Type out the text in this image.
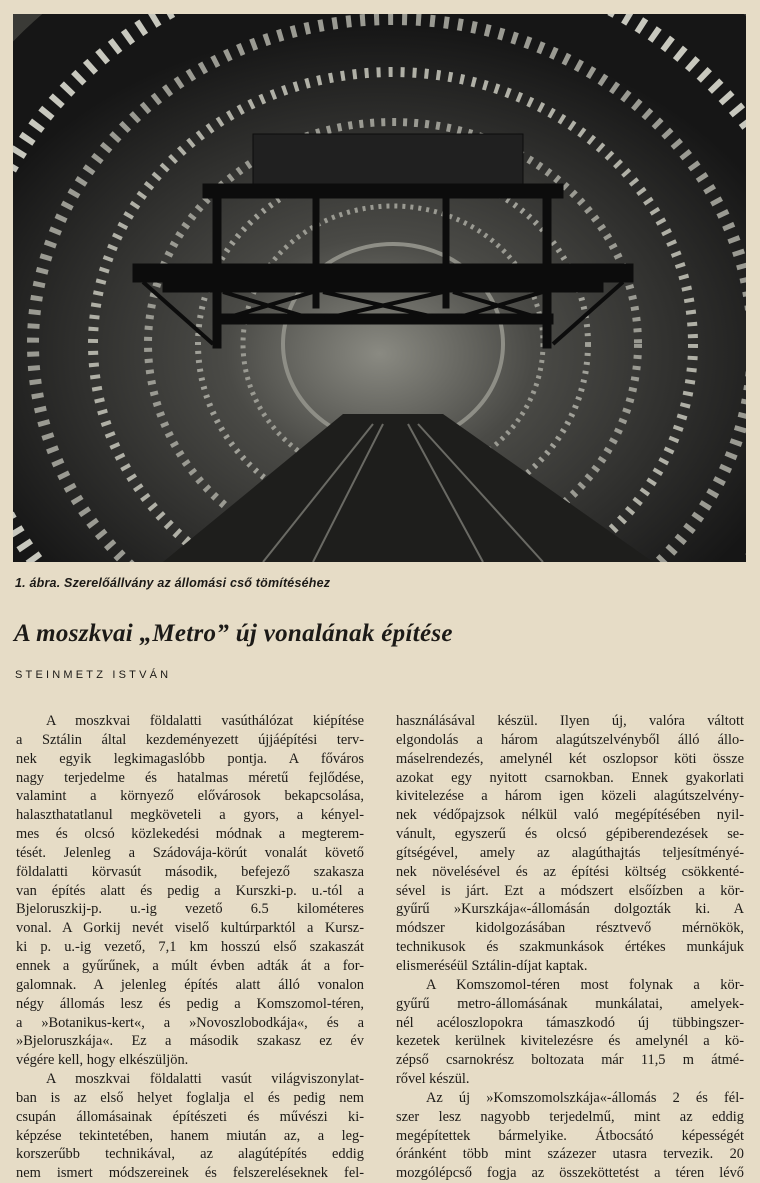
1. ábra. Szerelőállvány az állomási cső tömítéséhez
A moszkvai „Metro” új vonalának építése
STEINMETZ ISTVÁN
A moszkvai földalatti vasúthálózat kiépítése
a Sztálin által kezdeményezett újjáépítési terv-
nek egyik legkimagaslóbb pontja. A főváros
nagy terjedelme és hatalmas méretű fejlődése,
valamint a környező elővárosok bekapcsolása,
halaszthatatlanul megköveteli a gyors, a kényel-
mes és olcsó közlekedési módnak a megterem-
tését. Jelenleg a Szádovája-körút vonalát követő
földalatti körvasút második, befejező szakasza
van építés alatt és pedig a Kurszki-p. u.-tól a
Bjeloruszkij-p. u.-ig vezető 6.5 kilométeres
vonal. A Gorkij nevét viselő kultúrparktól a Kursz-
ki p. u.-ig vezető, 7,1 km hosszú első szakaszát
ennek a gyűrűnek, a múlt évben adták át a for-
galomnak. A jelenleg építés alatt álló vonalon
négy állomás lesz és pedig a Komszomol-téren,
a »Botanikus-kert«, a »Novoszlobodkája«, és a
»Bjeloruszkája«. Ez a második szakasz ez év
végére kell, hogy elkészüljön.
A moszkvai földalatti vasút világviszonylat-
ban is az első helyet foglalja el és pedig nem
csupán állomásainak építészeti és művészi ki-
képzése tekintetében, hanem miután az, a leg-
korszerűbb technikával, az alagútépítés eddig
nem ismert módszereinek és felszereléseknek fel-
használásával készül. Ilyen új, valóra váltott
elgondolás a három alagútszelvényből álló állo-
máselrendezés, amelynél két oszlopsor köti össze
azokat egy nyitott csarnokban. Ennek gyakorlati
kivitelezése a három igen közeli alagútszelvény-
nek védőpajzsok nélkül való megépítésében nyil-
vánult, egyszerű és olcsó gépiberendezések se-
gítségével, amely az alagúthajtás teljesítményé-
nek növelésével és az építési költség csökkenté-
sével is járt. Ezt a módszert elsőízben a kör-
gyűrű »Kurszkája«-állomásán dolgozták ki. A
módszer kidolgozásában résztvevő mérnökök,
technikusok és szakmunkások értékes munkájuk
elismeréséül Sztálin-díjat kaptak.
A Komszomol-téren most folynak a kör-
gyűrű metro-állomásának munkálatai, amelyek-
nél acéloszlopokra támaszkodó új tübbingszer-
kezetek kerülnek kivitelezésre és amelynél a kö-
zépső csarnokrész boltozata már 11,5 m átmé-
rővel készül.
Az új »Komszomolszkája«-állomás 2 és fél-
szer lesz nagyobb terjedelmű, mint az eddig
megépítettek bármelyike. Átbocsátó képességét
óránként több mint százezer utasra tervezik. 20
mozgólépcső fogja az összeköttetést a téren lévő
